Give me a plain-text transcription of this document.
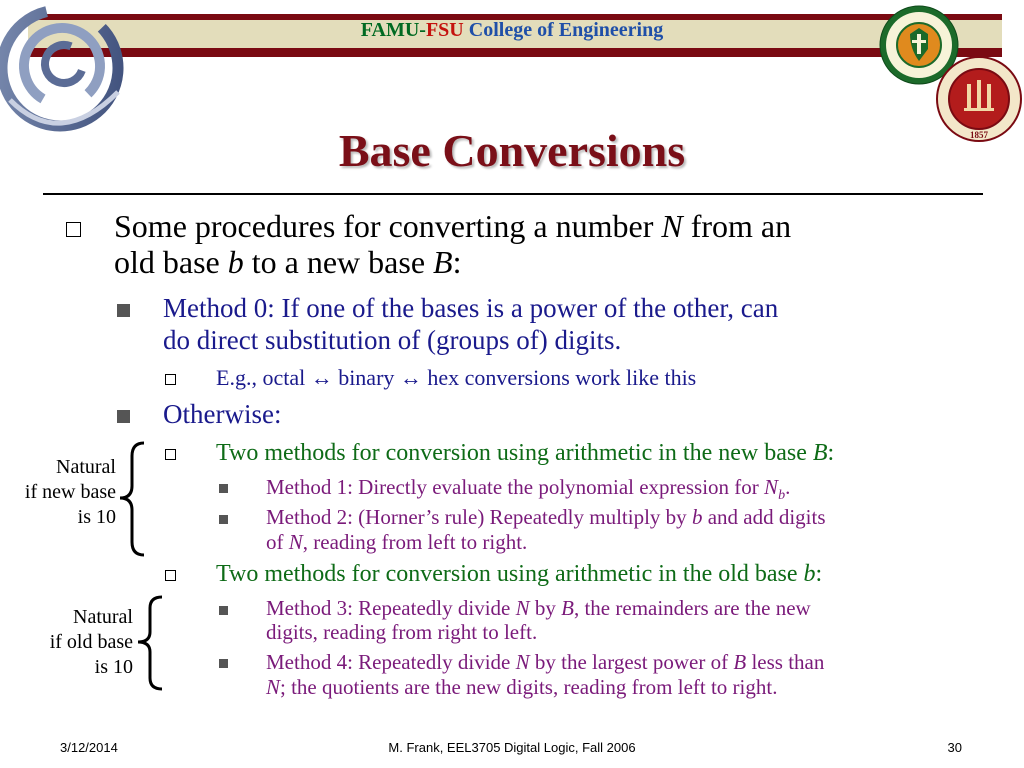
FAMU-FSU College of Engineering
1857
Base Conversions
Some procedures for converting a number N from an
old base b to a new base B:
Method 0: If one of the bases is a power of the other, can
do direct substitution of (groups of) digits.
E.g., octal ↔ binary ↔ hex conversions work like this
Otherwise:
Two methods for conversion using arithmetic in the new base B:
Method 1: Directly evaluate the polynomial expression for $N_b$.
Method 2: (Horner’s rule) Repeatedly multiply by b and add digits
of N, reading from left to right.
Two methods for conversion using arithmetic in the old base b:
Method 3: Repeatedly divide N by B, the remainders are the new
digits, reading from right to left.
Method 4: Repeatedly divide N by the largest power of B less than
N; the quotients are the new digits, reading from left to right.
Natural
if new base
is 10
Natural
if old base
is 10
3/12/2014	M. Frank, EEL3705 Digital Logic, Fall 2006	30
